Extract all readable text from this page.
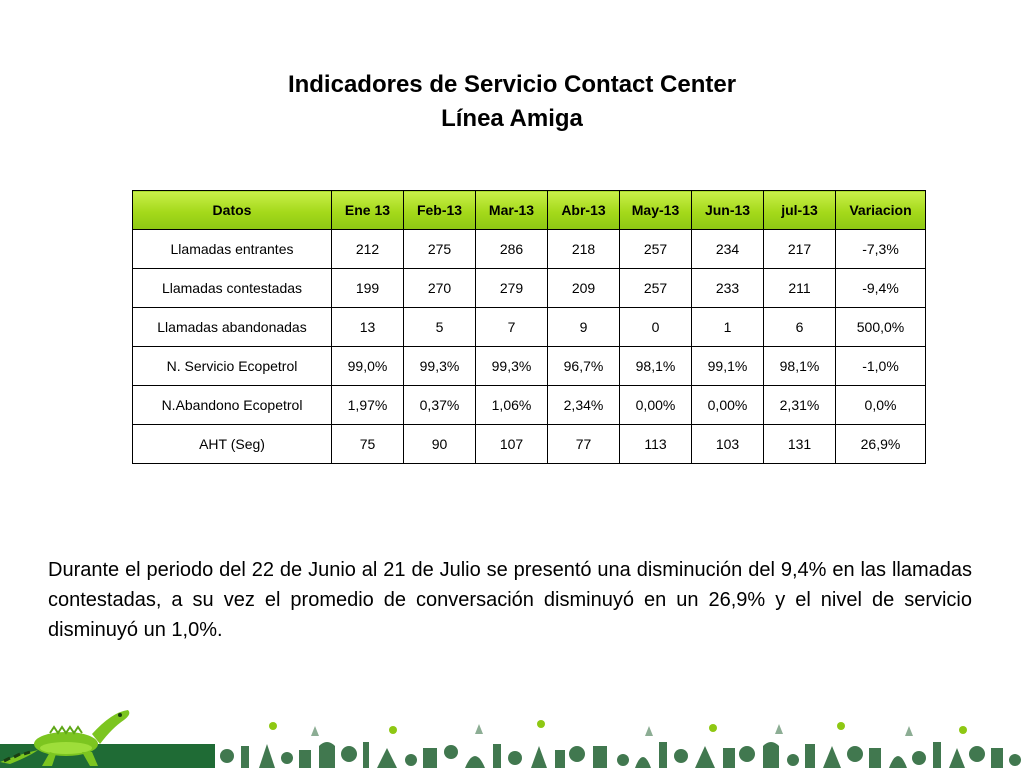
Indicadores de Servicio Contact Center
Línea Amiga
Datos	Ene 13	Feb-13	Mar-13	Abr-13	May-13	Jun-13	jul-13	Variacion
Llamadas entrantes	212	275	286	218	257	234	217	-7,3%
Llamadas contestadas	199	270	279	209	257	233	211	-9,4%
Llamadas abandonadas	13	5	7	9	0	1	6	500,0%
N. Servicio Ecopetrol	99,0%	99,3%	99,3%	96,7%	98,1%	99,1%	98,1%	-1,0%
N.Abandono Ecopetrol	1,97%	0,37%	1,06%	2,34%	0,00%	0,00%	2,31%	0,0%
AHT (Seg)	75	90	107	77	113	103	131	26,9%

Durante el periodo del 22 de Junio al 21 de Julio se presentó una disminución del 9,4% en las llamadas contestadas, a su vez el promedio de conversación disminuyó en un 26,9% y el nivel de servicio disminuyó un 1,0%.
